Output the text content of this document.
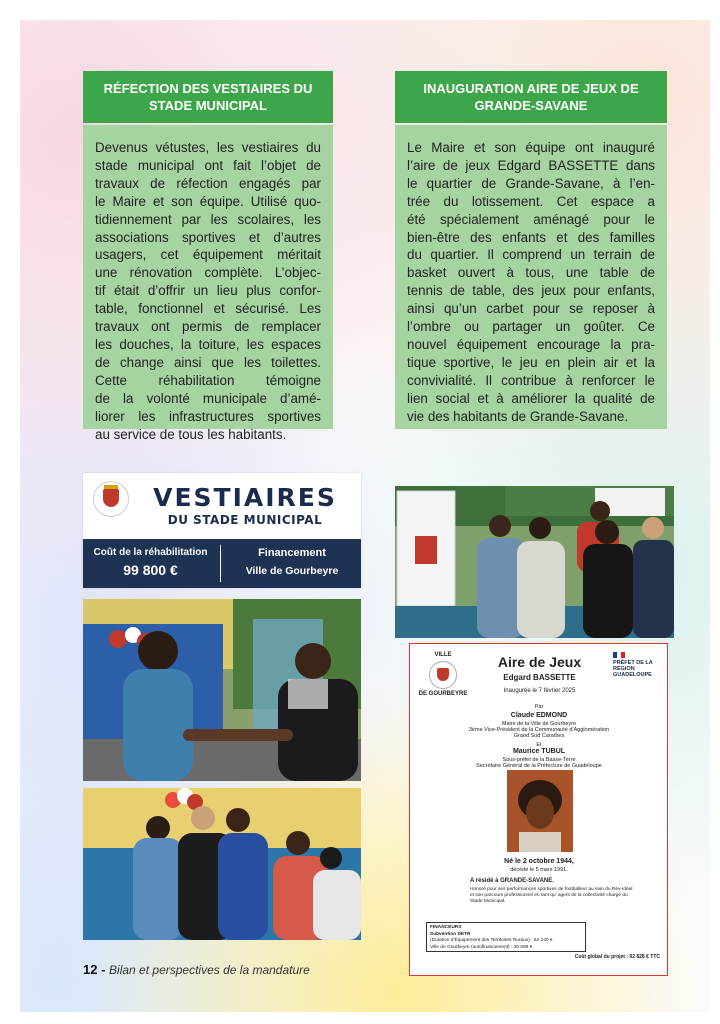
RÉFECTION DES VESTIAIRES DU STADE MUNICIPAL
Devenus vétustes, les vestiaires du
stade municipal ont fait l’objet de
travaux de réfection engagés par
le Maire et son équipe. Utilisé quo-
tidiennement par les scolaires, les
associations sportives et d’autres
usagers, cet équipement méritait
une rénovation complète. L’objec-
tif était d’offrir un lieu plus confor-
table, fonctionnel et sécurisé. Les
travaux ont permis de remplacer
les douches, la toiture, les espaces
de change ainsi que les toilettes.
Cette réhabilitation témoigne
de la volonté municipale d’amé-
liorer les infrastructures sportives
au service de tous les habitants.
INAUGURATION AIRE DE JEUX DE GRANDE-SAVANE
Le Maire et son équipe ont inauguré
l’aire de jeux Edgard BASSETTE dans
le quartier de Grande-Savane, à l’en-
trée du lotissement. Cet espace a
été spécialement aménagé pour le
bien-être des enfants et des familles
du quartier. Il comprend un terrain de
basket ouvert à tous, une table de
tennis de table, des jeux pour enfants,
ainsi qu’un carbet pour se reposer à
l’ombre ou partager un goûter. Ce
nouvel équipement encourage la pra-
tique sportive, le jeu en plein air et la
convivialité. Il contribue à renforcer le
lien social et à améliorer la qualité de
vie des habitants de Grande-Savane.
VESTIAIRES
DU STADE MUNICIPAL
Coût de la réhabilitation
99 800 €
Financement
Ville de Gourbeyre
VILLE
DE GOURBEYRE
Aire de Jeux
Edgard BASSETTE
Inaugurée le 7 février 2025
PRÉFET DE LA RÉGION GUADELOUPE
Par
Claude EDMOND
Maire de la Ville de Gourbeyre
3ème Vice-Président de la Communauté d’Agglomération
Grand Sud Caraïbes
Et
Maurice TUBUL
Sous-préfet de la Basse-Terre
Secrétaire Général de la Préfecture de Guadeloupe
Né le 2 octobre 1944,
décédé le 5 mars 1991.
A résidé à GRANDE-SAVANE.
Honoré pour ses performances sportives de footballeur au sein du Rév-Idéal
et son parcours professionnel en tant qu’ agent de la collectivité chargé du
Stade Municipal.
FINANCEURS
Subvention DETR
(Dotation d’Équipement des Territoires Ruraux) : 62 240 €
Ville de Gourbeyre (autofinancement) : 30 588 €
Coût global du projet : 92 828 € TTC
12 - Bilan et perspectives de la mandature
